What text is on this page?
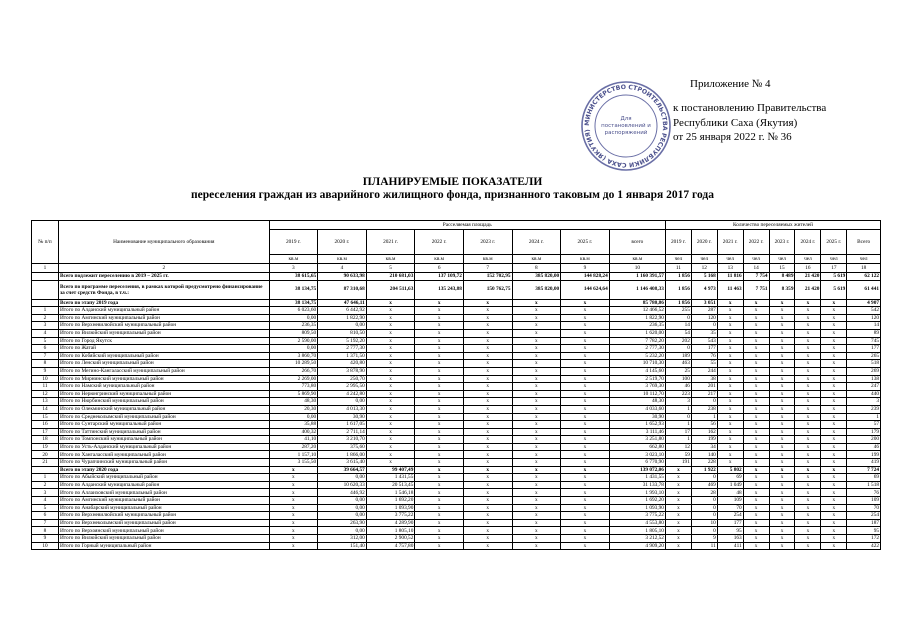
Приложение № 4
к постановлению Правительства
Республики Саха (Якутия)
от 25 января 2022 г. № 36
МИНИСТЕРСТВО СТРОИТЕЛЬСТВА РЕСПУБЛИКИ САХА (ЯКУТИЯ)
Для
постановлений и
распоряжений
ПЛАНИРУЕМЫЕ ПОКАЗАТЕЛИ
переселения граждан из аварийного жилищного фонда, признанного таковым до 1 января 2017 года
№ п/п	Наименование муниципального образования	Расселяемая площадь								Количество переселяемых жителей							
		2019 г.	2020 г.	2021 г.	2022 г.	2023 г.	2024 г.	2025 г.	всего	2019 г.	2020 г.	2021 г.	2022 г.	2023 г.	2024 г.	2025 г.	Всего
		кв.м	кв.м	кв.м	кв.м	кв.м	кв.м	кв.м	кв.м	чел	чел	чел	чел	чел	чел	чел	чел
1	2	3	4	5	6	7	8	9	10	11	12	13	14	15	16	17	18
	Всего подлежит переселению в 2019 – 2025 гг.	38 615,65	90 633,98	210 681,03	137 109,72	152 702,95	385 820,00	144 828,24	1 160 391,57	1 856	5 168	11 816	7 754	8 489	21 420	5 619	62 122
	Всего по программе переселения, в рамках которой предусмотрено финансирование за счет средств Фонда, в т.ч.:	38 134,75	87 310,68	204 511,63	135 243,88	150 762,75	385 820,00	144 624,64	1 146 408,33	1 856	4 973	11 463	7 751	8 359	21 420	5 619	61 441
	Всего по этапу 2019 года	38 134,75	47 646,11	x	x	x	x	x	85 780,86	1 856	3 051	x	x	x	x	x	4 907
1	Итого по Алданский муниципальный район	6 023,60	6 442,92	x	x	x	x	x	12 466,52	255	287	x	x	x	x	x	542
2	Итого по Амгинский муниципальный район	0,00	1 822,90	x	x	x	x	x	1 822,90	0	120	x	x	x	x	x	120
3	Итого по Верхневилюйский муниципальный район	236,35	0,00	x	x	x	x	x	236,35	14	0	x	x	x	x	x	14
4	Итого по Вилюйский муниципальный район	809,50	810,50	x	x	x	x	x	1 620,00	54	35	x	x	x	x	x	89
5	Итого по Город Якутск	2 590,00	5 192,20	x	x	x	x	x	7 782,20	202	543	x	x	x	x	x	745
6	Итого по Жатай	0,00	2 777,30	x	x	x	x	x	2 777,30	0	177	x	x	x	x	x	177
7	Итого по Кобяйский муниципальный район	3 860,70	1 371,50	x	x	x	x	x	5 232,20	189	76	x	x	x	x	x	265
8	Итого по Ленский муниципальный район	10 289,50	420,80	x	x	x	x	x	10 710,30	463	55	x	x	x	x	x	518
9	Итого по Мегино-Кангаласский муниципальный район	266,70	3 878,90	x	x	x	x	x	4 145,60	25	244	x	x	x	x	x	269
10	Итого по Мирнинский муниципальный район	2 269,00	250,70	x	x	x	x	x	2 519,70	100	38	x	x	x	x	x	138
11	Итого по Намский муниципальный район	773,80	2 995,50	x	x	x	x	x	3 769,30	46	201	x	x	x	x	x	247
12	Итого по Нерюнгринский муниципальный район	5 869,90	4 242,80	x	x	x	x	x	10 112,70	223	217	x	x	x	x	x	440
13	Итого по Нюрбинский муниципальный район	48,30	0,00	x	x	x	x	x	48,30	3	0	x	x	x	x	x	3
14	Итого по Олекминский муниципальный район	20,30	4 013,30	x	x	x	x	x	4 033,60	1	238	x	x	x	x	x	239
15	Итого по Среднеколымский муниципальный район	0,00	30,90	x	x	x	x	x	30,90	0	1	x	x	x	x	x	1
16	Итого по Сунтарский муниципальный район	35,88	1 617,05	x	x	x	x	x	1 652,93	1	56	x	x	x	x	x	57
17	Итого по Таттинский муниципальный район	400,32	2 711,14	x	x	x	x	x	3 111,46	17	162	x	x	x	x	x	179
18	Итого по Томпонский муниципальный район	41,10	3 210,70	x	x	x	x	x	3 251,80	1	199	x	x	x	x	x	200
19	Итого по Усть-Алданский муниципальный район	287,20	375,60	x	x	x	x	x	662,80	12	34	x	x	x	x	x	46
20	Итого по Хангаласский муниципальный район	1 157,10	1 866,00	x	x	x	x	x	3 023,10	59	140	x	x	x	x	x	199
21	Итого по Чурапчинский муниципальный район	3 155,50	3 615,40	x	x	x	x	x	6 770,90	191	228	x	x	x	x	x	419
	Всего по этапу 2020 года	x	39 664,57	99 407,49	x	x	x	x	139 072,06	x	1 922	5 802	x	x	x	x	7 724
1	Итого по Абыйский муниципальный район	x	0,00	1 431,55	x	x	x	x	1 431,55	x	0	69	x	x	x	x	69
2	Итого по Алданский муниципальный район	x	10 620,33	20 513,45	x	x	x	x	31 133,78	x	469	1 049	x	x	x	x	1 518
3	Итого по Аллаиховский муниципальный район	x	446,92	1 546,18	x	x	x	x	1 993,10	x	28	48	x	x	x	x	76
4	Итого по Амгинский муниципальный район	x	0,00	1 692,20	x	x	x	x	1 692,20	x	0	109	x	x	x	x	109
5	Итого по Анабарский муниципальный район	x	0,00	1 093,90	x	x	x	x	1 093,90	x	0	70	x	x	x	x	70
6	Итого по Верхневилюйский муниципальный район	x	0,00	3 775,22	x	x	x	x	3 775,22	x	0	254	x	x	x	x	254
7	Итого по Верхнеколымский муниципальный район	x	263,90	4 289,90	x	x	x	x	4 553,80	x	10	177	x	x	x	x	187
8	Итого по Верхоянский муниципальный район	x	0,00	1 805,10	x	x	x	x	1 805,10	x	0	95	x	x	x	x	95
9	Итого по Вилюйский муниципальный район	x	312,00	2 900,52	x	x	x	x	3 212,52	x	9	163	x	x	x	x	172
10	Итого по Горный муниципальный район	x	151,40	4 757,80	x	x	x	x	4 909,20	x	11	411	x	x	x	x	422
